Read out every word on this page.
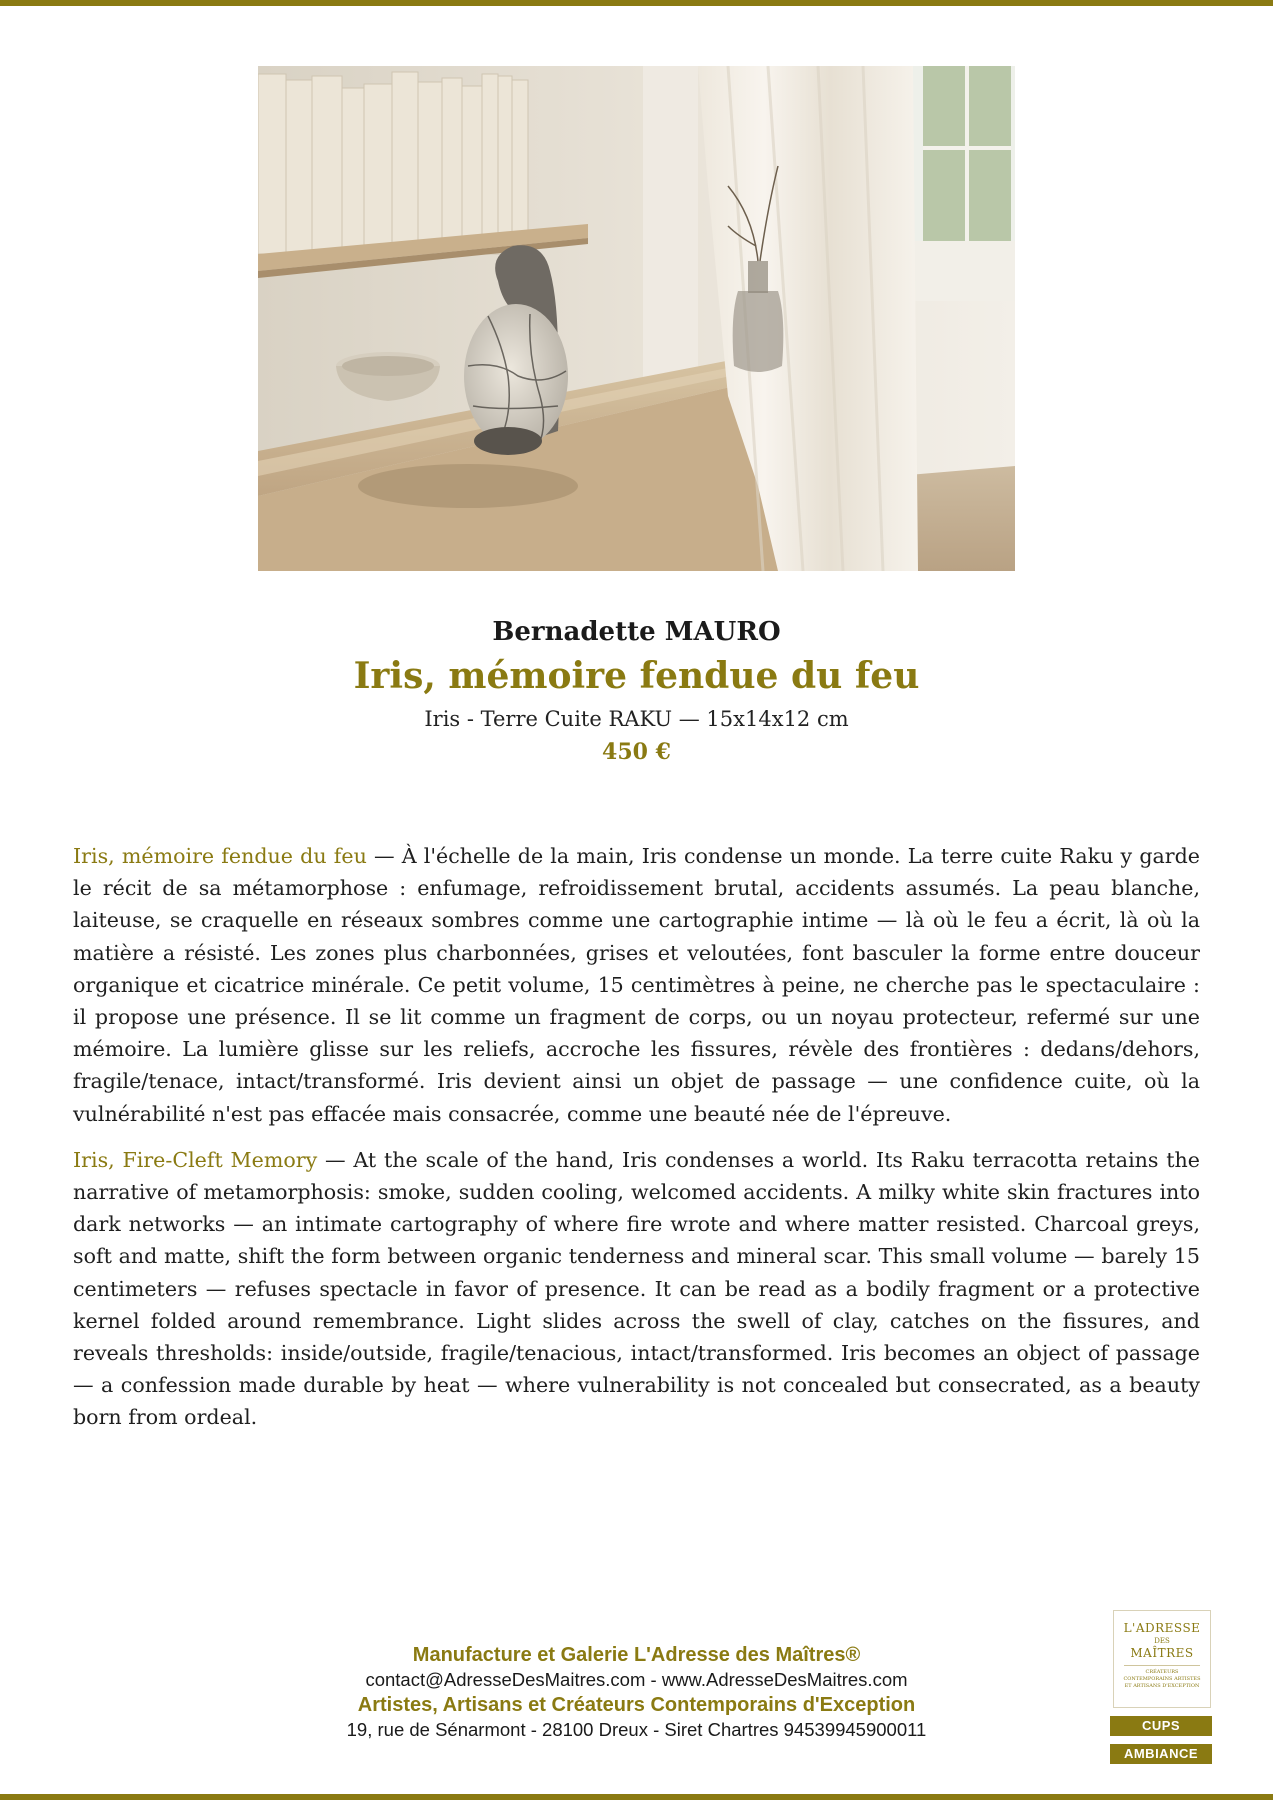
Bernadette MAURO
Iris, mémoire fendue du feu
Iris - Terre Cuite RAKU — 15x14x12 cm
450 €

Iris, mémoire fendue du feu — À l'échelle de la main, Iris condense un monde. La terre cuite Raku y garde le récit de sa métamorphose : enfumage, refroidissement brutal, accidents assumés. La peau blanche, laiteuse, se craquelle en réseaux sombres comme une cartographie intime — là où le feu a écrit, là où la matière a résisté. Les zones plus charbonnées, grises et veloutées, font basculer la forme entre douceur organique et cicatrice minérale. Ce petit volume, 15 centimètres à peine, ne cherche pas le spectaculaire : il propose une présence. Il se lit comme un fragment de corps, ou un noyau protecteur, refermé sur une mémoire. La lumière glisse sur les reliefs, accroche les fissures, révèle des frontières : dedans/dehors, fragile/tenace, intact/transformé. Iris devient ainsi un objet de passage — une confidence cuite, où la vulnérabilité n'est pas effacée mais consacrée, comme une beauté née de l'épreuve.

Iris, Fire-Cleft Memory — At the scale of the hand, Iris condenses a world. Its Raku terracotta retains the narrative of metamorphosis: smoke, sudden cooling, welcomed accidents. A milky white skin fractures into dark networks — an intimate cartography of where fire wrote and where matter resisted. Charcoal greys, soft and matte, shift the form between organic tenderness and mineral scar. This small volume — barely 15 centimeters — refuses spectacle in favor of presence. It can be read as a bodily fragment or a protective kernel folded around remembrance. Light slides across the swell of clay, catches on the fissures, and reveals thresholds: inside/outside, fragile/tenacious, intact/transformed. Iris becomes an object of passage — a confession made durable by heat — where vulnerability is not concealed but consecrated, as a beauty born from ordeal.

Manufacture et Galerie L'Adresse des Maîtres®
contact@AdresseDesMaitres.com - www.AdresseDesMaitres.com
Artistes, Artisans et Créateurs Contemporains d'Exception
19, rue de Sénarmont - 28100 Dreux - Siret Chartres 94539945900011
L'ADRESSE
DES
MAÎTRES
CRÉATEURS CONTEMPORAINS ARTISTES ET ARTISANS D'EXCEPTION
CUPS
AMBIANCE
